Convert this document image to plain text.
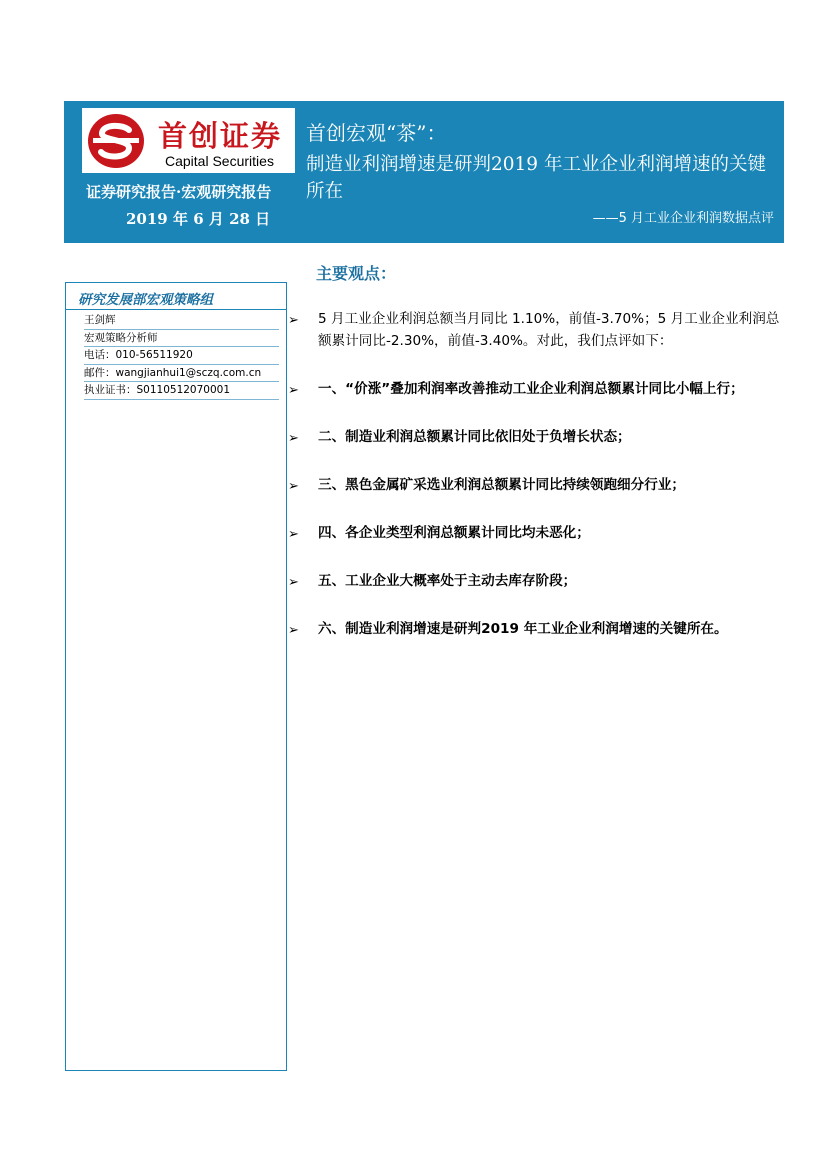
首创证券
Capital Securities
证券研究报告·宏观研究报告
2019 年 6 月 28 日
首创宏观“茶”：
制造业利润增速是研判2019 年工业企业利润增速的关键所在
——5 月工业企业利润数据点评
研究发展部宏观策略组
王剑辉
宏观策略分析师
电话：010-56511920
邮件：wangjianhui1@sczq.com.cn
执业证书：S0110512070001
主要观点：
➢ 5 月工业企业利润总额当月同比 1.10%，前值-3.70%；5 月工业企业利润总额累计同比-2.30%，前值-3.40%。对此，我们点评如下：
➢ 一、“价涨”叠加利润率改善推动工业企业利润总额累计同比小幅上行；
➢ 二、制造业利润总额累计同比依旧处于负增长状态；
➢ 三、黑色金属矿采选业利润总额累计同比持续领跑细分行业；
➢ 四、各企业类型利润总额累计同比均未恶化；
➢ 五、工业企业大概率处于主动去库存阶段；
➢ 六、制造业利润增速是研判2019 年工业企业利润增速的关键所在。
